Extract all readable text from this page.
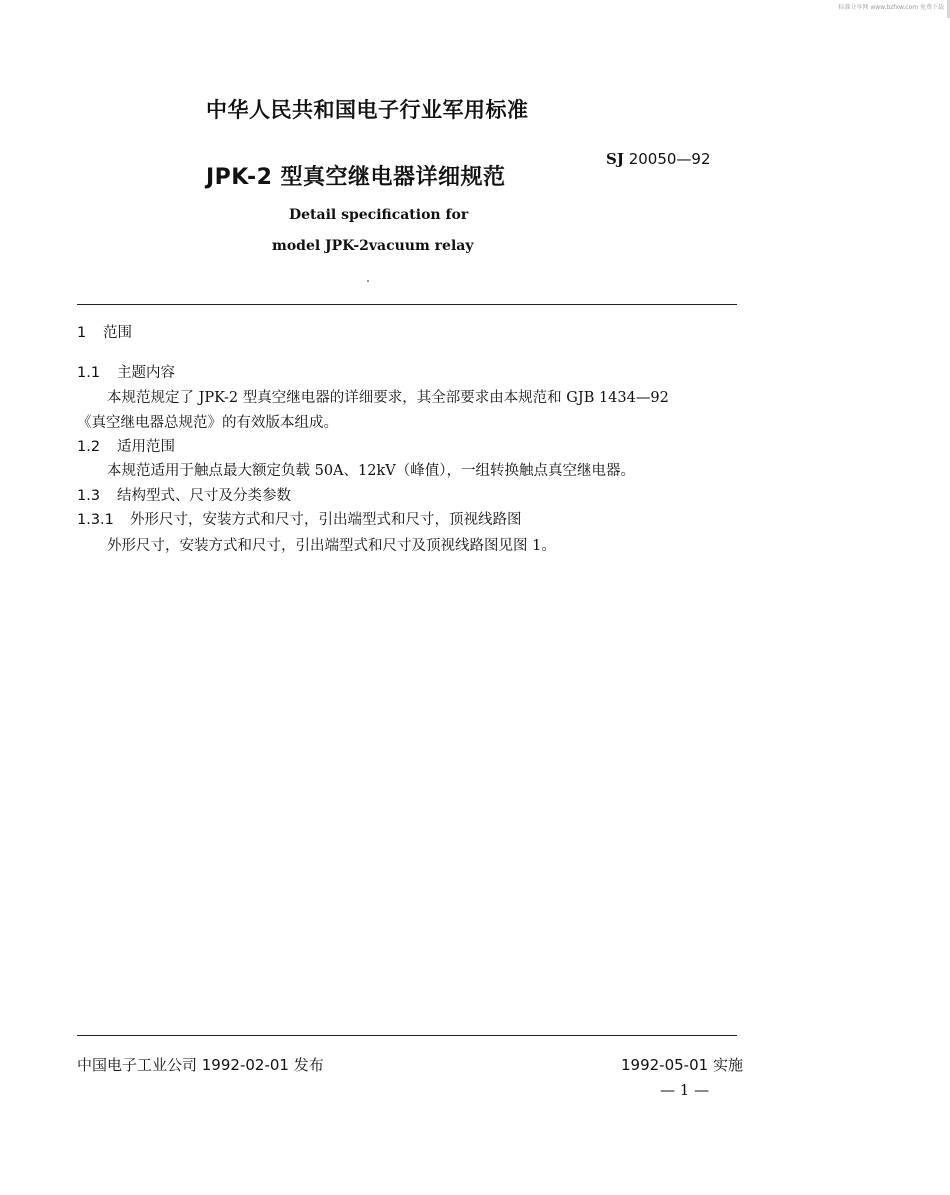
标准分享网 www.bzfxw.com 免费下载
中华人民共和国电子行业军用标准
JPK-2 型真空继电器详细规范
SJ 20050—92
Detail specification for
model JPK-2vacuum relay
1 范围
1.1 主题内容
本规范规定了 JPK-2 型真空继电器的详细要求，其全部要求由本规范和 GJB 1434—92
《真空继电器总规范》的有效版本组成。
1.2 适用范围
本规范适用于触点最大额定负载 50A、12kV（峰值），一组转换触点真空继电器。
1.3 结构型式、尺寸及分类参数
1.3.1 外形尺寸，安装方式和尺寸，引出端型式和尺寸，顶视线路图
外形尺寸，安装方式和尺寸，引出端型式和尺寸及顶视线路图见图 1。
中国电子工业公司 1992-02-01 发布	1992-05-01 实施
— 1 —
